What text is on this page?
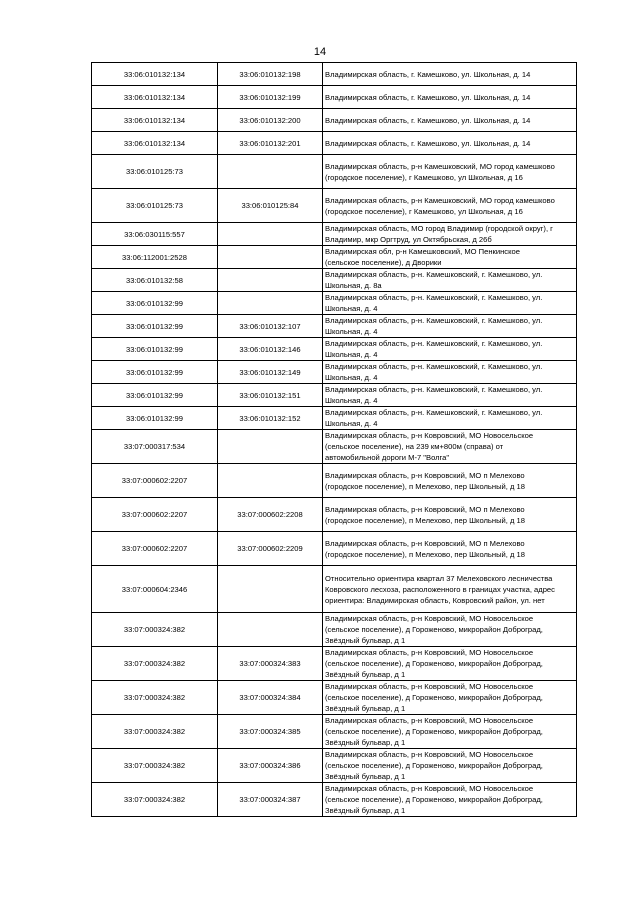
14
33:06:010132:134	33:06:010132:198	Владимирская область, г. Камешково, ул. Школьная, д. 14
33:06:010132:134	33:06:010132:199	Владимирская область, г. Камешково, ул. Школьная, д. 14
33:06:010132:134	33:06:010132:200	Владимирская область, г. Камешково, ул. Школьная, д. 14
33:06:010132:134	33:06:010132:201	Владимирская область, г. Камешково, ул. Школьная, д. 14
33:06:010125:73		Владимирская область, р-н Камешковский, МО город камешково
(городское поселение), г Камешково, ул Школьная, д 16
33:06:010125:73	33:06:010125:84	Владимирская область, р-н Камешковский, МО город камешково
(городское поселение), г Камешково, ул Школьная, д 16
33:06:030115:557		Владимирская область, МО город Владимир (городской округ), г
Владимир, мкр Оргтруд, ул Октябрьская, д 26б
33:06:112001:2528		Владимирская обл, р-н Камешковский, МО Пенкинское
(сельское поселение), д Дворики
33:06:010132:58		Владимирская область, р-н. Камешковский, г. Камешково, ул.
Школьная, д. 8а
33:06:010132:99		Владимирская область, р-н. Камешковский, г. Камешково, ул.
Школьная, д. 4
33:06:010132:99	33:06:010132:107	Владимирская область, р-н. Камешковский, г. Камешково, ул.
Школьная, д. 4
33:06:010132:99	33:06:010132:146	Владимирская область, р-н. Камешковский, г. Камешково, ул.
Школьная, д. 4
33:06:010132:99	33:06:010132:149	Владимирская область, р-н. Камешковский, г. Камешково, ул.
Школьная, д. 4
33:06:010132:99	33:06:010132:151	Владимирская область, р-н. Камешковский, г. Камешково, ул.
Школьная, д. 4
33:06:010132:99	33:06:010132:152	Владимирская область, р-н. Камешковский, г. Камешково, ул.
Школьная, д. 4
33:07:000317:534		Владимирская область, р-н Ковровский, МО Новосельское
(сельское поселение), на 239 км+800м (справа) от
автомобильной дороги М-7 "Волга"
33:07:000602:2207		Владимирская область, р-н Ковровский, МО п Мелехово
(городское поселение), п Мелехово, пер Школьный, д 18
33:07:000602:2207	33:07:000602:2208	Владимирская область, р-н Ковровский, МО п Мелехово
(городское поселение), п Мелехово, пер Школьный, д 18
33:07:000602:2207	33:07:000602:2209	Владимирская область, р-н Ковровский, МО п Мелехово
(городское поселение), п Мелехово, пер Школьный, д 18
33:07:000604:2346		Относительно ориентира квартал 37 Мелеховского лесничества
Ковровского лесхоза, расположенного в границах участка, адрес
ориентира: Владимирская область, Ковровский район, ул. нет
33:07:000324:382		Владимирская область, р-н Ковровский, МО Новосельское
(сельское поселение), д Гороженово, микрорайон Доброград,
Звёздный бульвар, д 1
33:07:000324:382	33:07:000324:383	Владимирская область, р-н Ковровский, МО Новосельское
(сельское поселение), д Гороженово, микрорайон Доброград,
Звёздный бульвар, д 1
33:07:000324:382	33:07:000324:384	Владимирская область, р-н Ковровский, МО Новосельское
(сельское поселение), д Гороженово, микрорайон Доброград,
Звёздный бульвар, д 1
33:07:000324:382	33:07:000324:385	Владимирская область, р-н Ковровский, МО Новосельское
(сельское поселение), д Гороженово, микрорайон Доброград,
Звёздный бульвар, д 1
33:07:000324:382	33:07:000324:386	Владимирская область, р-н Ковровский, МО Новосельское
(сельское поселение), д Гороженово, микрорайон Доброград,
Звёздный бульвар, д 1
33:07:000324:382	33:07:000324:387	Владимирская область, р-н Ковровский, МО Новосельское
(сельское поселение), д Гороженово, микрорайон Доброград,
Звёздный бульвар, д 1
